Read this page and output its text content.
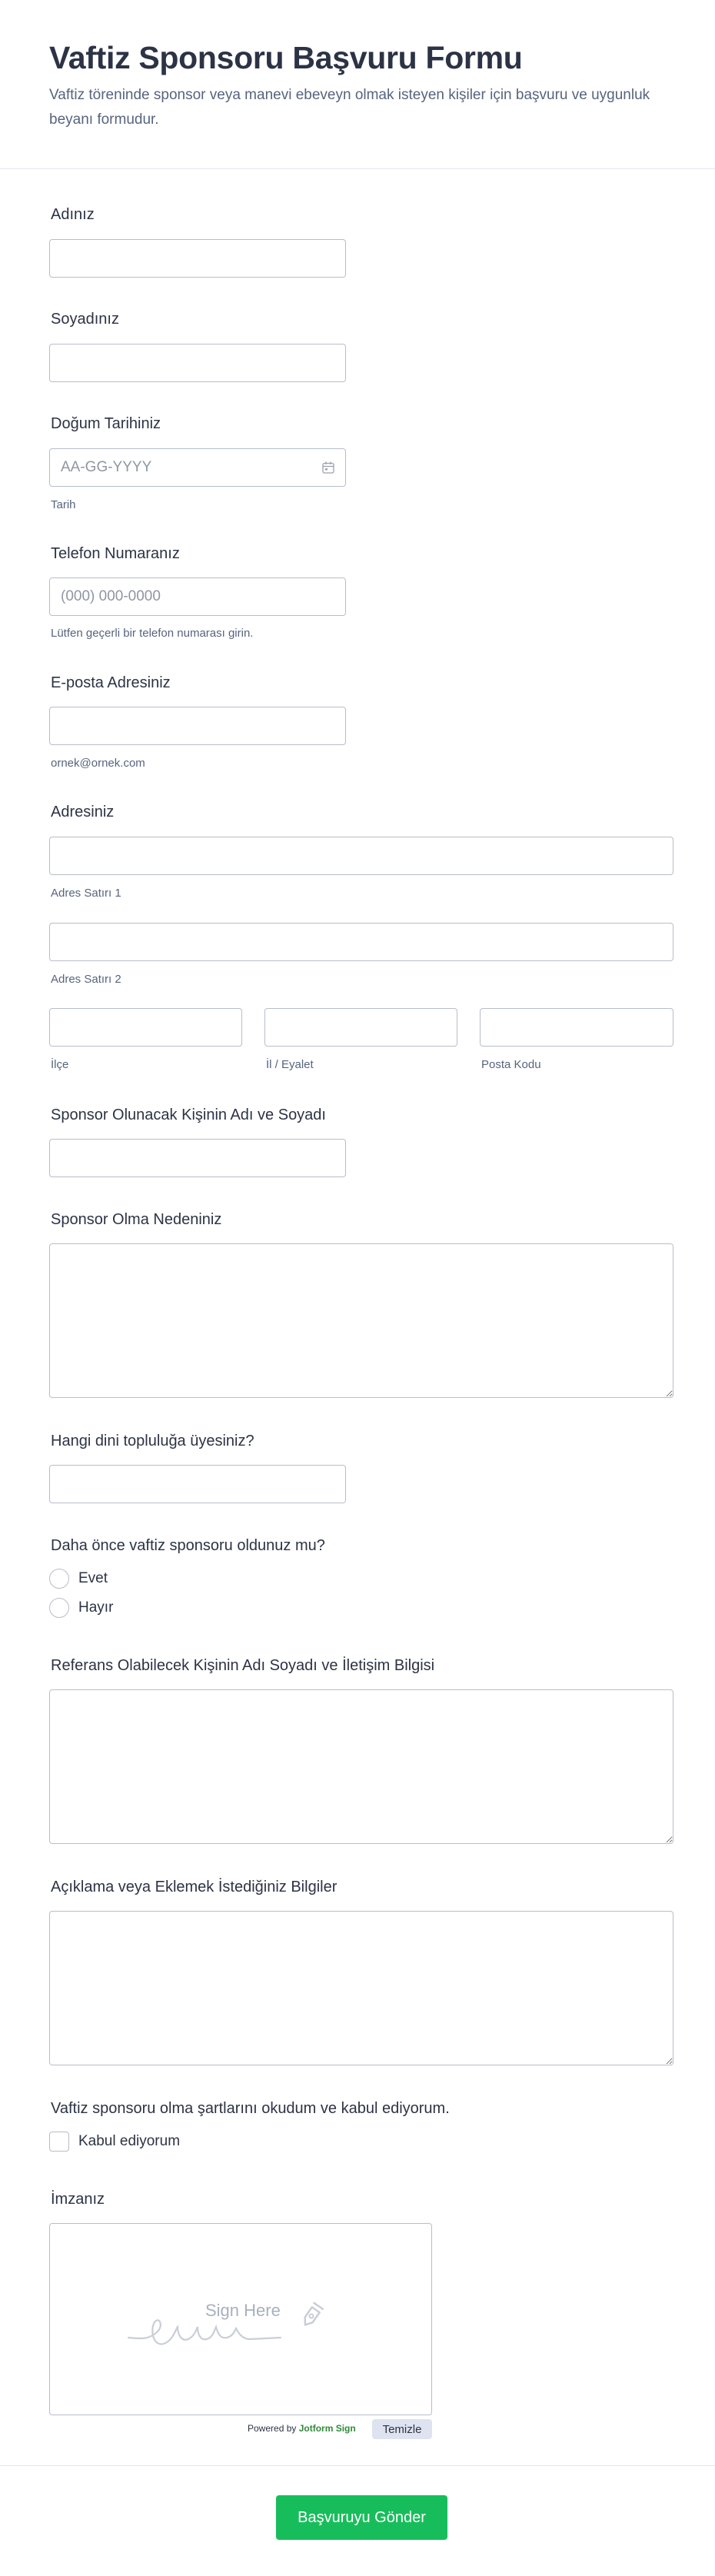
Vaftiz Sponsoru Başvuru Formu

Vaftiz töreninde sponsor veya manevi ebeveyn olmak isteyen kişiler için başvuru ve uygunluk beyanı formudur.

Adınız
Soyadınız
Doğum Tarihiniz
AA-GG-YYYY
Tarih
Telefon Numaranız
(000) 000-0000
Lütfen geçerli bir telefon numarası girin.
E-posta Adresiniz
ornek@ornek.com
Adresiniz
Adres Satırı 1
Adres Satırı 2
İlçe	İl / Eyalet	Posta Kodu
Sponsor Olunacak Kişinin Adı ve Soyadı
Sponsor Olma Nedeniniz
Hangi dini topluluğa üyesiniz?
Daha önce vaftiz sponsoru oldunuz mu?
Evet
Hayır
Referans Olabilecek Kişinin Adı Soyadı ve İletişim Bilgisi
Açıklama veya Eklemek İstediğiniz Bilgiler
Vaftiz sponsoru olma şartlarını okudum ve kabul ediyorum.
Kabul ediyorum
İmzanız
Sign Here
Powered by Jotform Sign	Temizle
Başvuruyu Gönder
